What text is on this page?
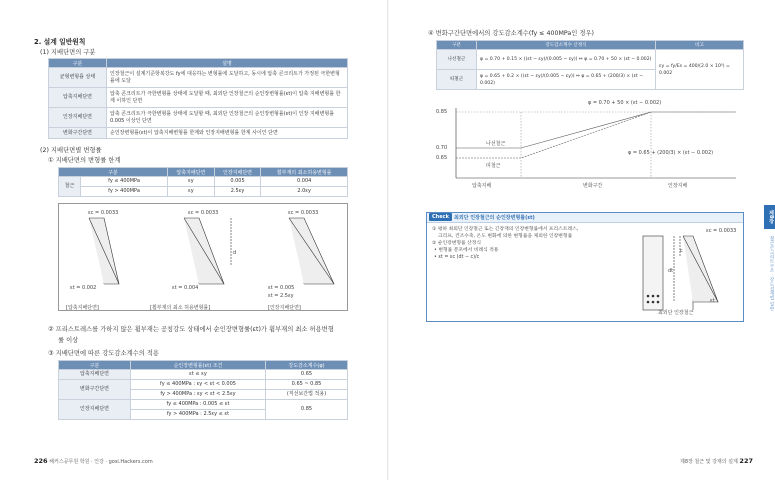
2. 설계 일반원칙
(1) 지배단면의 구분
구분	설명
균형변형률 상태	인장철근이 설계기준항복강도 fy에 대응하는 변형률에 도달하고, 동시에 압축 콘크리트가 가정된 극한변형률에 도달
압축지배단면	압축 콘크리트가 극한변형률 상태에 도달할 때, 최외단 인장철근의 순인장변형률(εt)이 압축 지배변형률 한계 이하인 단면
인장지배단면	압축 콘크리트가 극한변형률 상태에 도달할 때, 최외단 인장철근의 순인장변형률(εt)이 인장 지배변형률 0.005 이상인 단면
변화구간단면	순인장변형률(εt)이 압축지배변형률 한계와 인장지배변형률 한계 사이인 단면
(2) 지배단면별 변형률
① 지배단면의 변형률 한계
구분		압축지배단면	인장지배단면	휨부재의 최소허용변형률
철근	fy ≤ 400MPa	εy	0.005	0.004
	fy > 400MPa	εy	2.5εy	2.0εy
εc = 0.0033	εc = 0.0033	εc = 0.0033
d
εt = 0.002	εt = 0.004	εt = 0.005
εt = 2.5εy
[압축지배단면]	[휨부재의 최소 허용변형률]	[인장지배단면]
② 프리스트레스를 가하지 않은 휨부재는 공칭강도 상태에서 순인장변형률(εt)가 휨부재의 최소 허용변형
률 이상
③ 지배단면에 따른 강도감소계수의 적용
구분	순인장변형률(εt) 조건	강도감소계수(φ)
압축지배단면	εt ≤ εy	0.65
변화구간단면	fy ≤ 400MPa : εy < εt < 0.005	0.65 ~ 0.85
	fy > 400MPa : εy < εt < 2.5εy	(직선보간법 적용)
인장지배단면	fy ≤ 400MPa : 0.005 ≤ εt	0.85
	fy > 400MPa : 2.5εy ≤ εt	
226 해커스공무원 학원 · 인강 · gosi.Hackers.com
④ 변화구간단면에서의 강도감소계수(fy ≤ 400MPa인 경우)
구분	강도감소계수 산정식	비고
나선철근	φ = 0.70 + 0.15 × ((εt − εy)/(0.005 − εy)) ⇔ φ = 0.70 + 50 × (εt − 0.002)	εy = fy/Es = 400/(2.0 × 10⁵) = 0.002
띠철근	φ = 0.65 + 0.2 × ((εt − εy)/(0.005 − εy)) ⇔ φ = 0.65 + (200/3) × (εt − 0.002)	
φ = 0.70 + 50 × (εt − 0.002)
φ = 0.65 + (200/3) × (εt − 0.002)
0.85
0.70
0.65
나선철근
띠철근
압축지배	변화구간	인장지배
Check	최외단 인장철근의 순인장변형률(εt)
① 평하 최외단 인장철근 또는 긴장재의 인장변형률에서 프리스트레스,
크리프, 건조수축, 온도 변화에 의한 변형률을 제외한 인장변형률
② 순인장변형률 산정식
• 변형률 분포에서 비례식 적용
• εt = εc (dt − c)/c
εc = 0.0033
c
dt
εt
최외단 인장철근
제8장
철근콘크리트구조 · 강도설계법 일반
제8장 철근 및 강재의 설계 227
